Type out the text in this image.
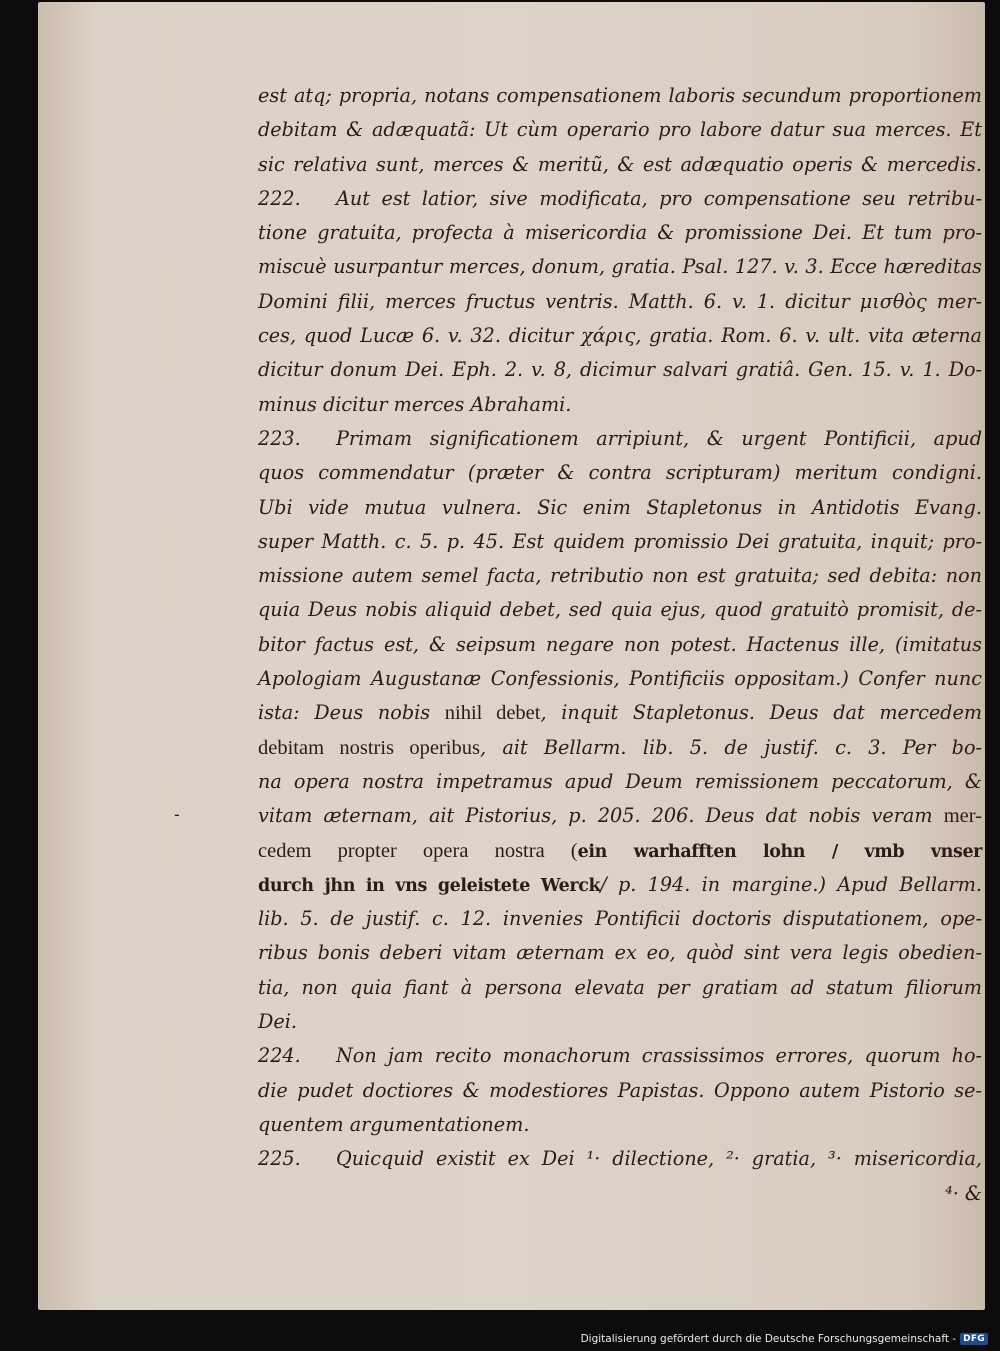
est atq; propria, notans compensationem laboris secundum proportionem
debitam & adæquatã: Ut cùm operario pro labore datur sua merces. Et
sic relativa sunt, merces & meritũ, & est adæquatio operis & mercedis.
222. Aut est latior, sive modificata, pro compensatione seu retribu-
tione gratuita, profecta à misericordia & promissione Dei. Et tum pro-
miscuè usurpantur merces, donum, gratia. Psal. 127. v. 3. Ecce hæreditas
Domini filii, merces fructus ventris. Matth. 6. v. 1. dicitur μισθὸς mer-
ces, quod Lucæ 6. v. 32. dicitur χάρις, gratia. Rom. 6. v. ult. vita æterna
dicitur donum Dei. Eph. 2. v. 8, dicimur salvari gratiâ. Gen. 15. v. 1. Do-
minus dicitur merces Abrahami.
223. Primam significationem arripiunt, & urgent Pontificii, apud
quos commendatur (præter & contra scripturam) meritum condigni.
Ubi vide mutua vulnera. Sic enim Stapletonus in Antidotis Evang.
super Matth. c. 5. p. 45. Est quidem promissio Dei gratuita, inquit; pro-
missione autem semel facta, retributio non est gratuita; sed debita: non
quia Deus nobis aliquid debet, sed quia ejus, quod gratuitò promisit, de-
bitor factus est, & seipsum negare non potest. Hactenus ille, (imitatus
Apologiam Augustanæ Confessionis, Pontificiis oppositam.) Confer nunc
ista: Deus nobis nihil debet, inquit Stapletonus. Deus dat mercedem
debitam nostris operibus, ait Bellarm. lib. 5. de justif. c. 3. Per bo-
na opera nostra impetramus apud Deum remissionem peccatorum, &
vitam æternam, ait Pistorius, p. 205. 206. Deus dat nobis veram mer-
cedem propter opera nostra (ein warhafften lohn / vmb vnser
durch jhn in vns geleistete Werck/ p. 194. in margine.) Apud Bellarm.
lib. 5. de justif. c. 12. invenies Pontificii doctoris disputationem, ope-
ribus bonis deberi vitam æternam ex eo, quòd sint vera legis obedien-
tia, non quia fiant à persona elevata per gratiam ad statum filiorum
Dei.
224. Non jam recito monachorum crassissimos errores, quorum ho-
die pudet doctiores & modestiores Papistas. Oppono autem Pistorio se-
quentem argumentationem.
225. Quicquid existit ex Dei ¹· dilectione, ²· gratia, ³· misericordia,
⁴· &
-
Digitalisierung gefördert durch die Deutsche Forschungsgemeinschaft - DFG
